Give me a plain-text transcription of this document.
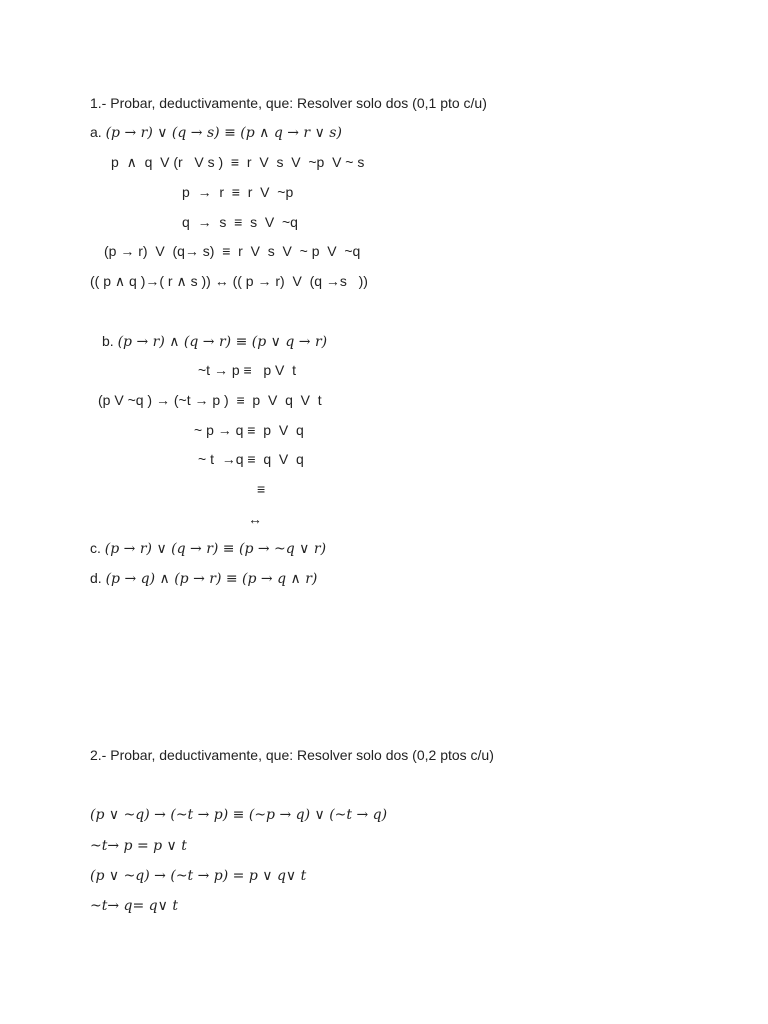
1.- Probar, deductivamente, que: Resolver solo dos (0,1 pto c/u)
a. (p → r) ∨ (q → s) ≡ (p ∧ q → r ∨ s)
p  ∧  q  V (r   V s )  ≡  r  V  s  V  ~p  V ~ s
p  →  r  ≡  r  V  ~p
q  →  s  ≡  s  V  ~q
(p → r)  V  (q→ s)  ≡  r  V  s  V  ~ p  V  ~q
(( p ∧ q )→( r ∧ s )) ↔ (( p → r)  V  (q →s   ))
b. (p → r) ∧ (q → r) ≡ (p ∨ q → r)
~t → p ≡   p V  t
(p V ~q ) → (~t → p )  ≡  p  V  q  V  t
~ p → q ≡  p  V  q
~ t  →q ≡  q  V  q
≡
↔
c. (p → r) ∨ (q → r) ≡ (p → ~q ∨ r)
d. (p → q) ∧ (p → r) ≡ (p → q ∧ r)
2.- Probar, deductivamente, que: Resolver solo dos (0,2 ptos c/u)
(p ∨ ~q) → (~t → p) ≡ (~p → q) ∨ (~t → q)
~t→ p = p ∨ t
(p ∨ ~q) → (~t → p) = p ∨ q∨ t
~t→ q= q∨ t
